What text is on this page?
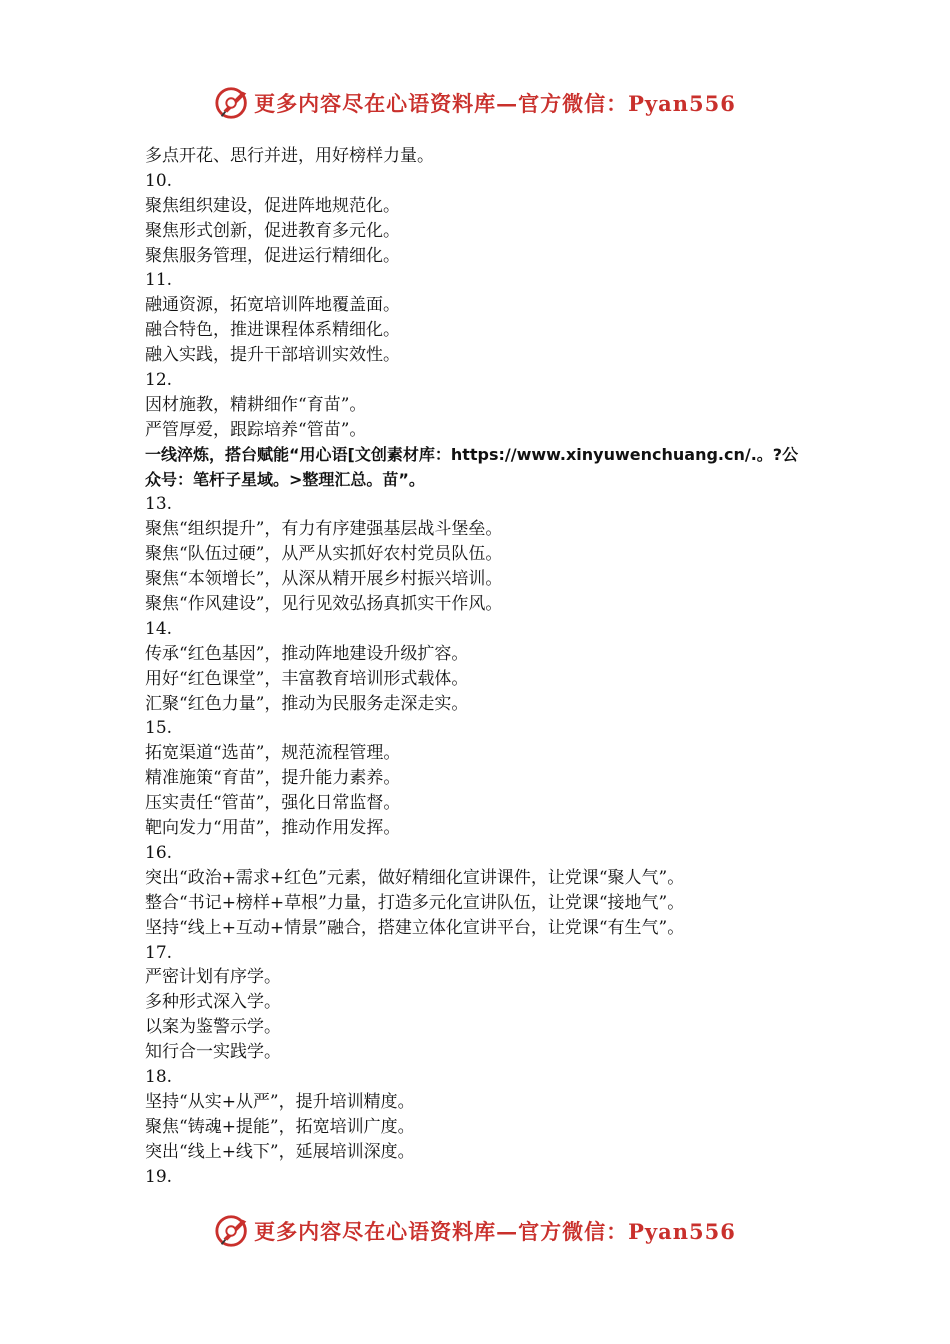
更多内容尽在心语资料库—官方微信：Pyan556
多点开花、思行并进，用好榜样力量。
10.
聚焦组织建设，促进阵地规范化。
聚焦形式创新，促进教育多元化。
聚焦服务管理，促进运行精细化。
11.
融通资源，拓宽培训阵地覆盖面。
融合特色，推进课程体系精细化。
融入实践，提升干部培训实效性。
12.
因材施教，精耕细作“育苗”。
严管厚爱，跟踪培养“管苗”。
一线淬炼，搭台赋能“用心语[文创素材库：https://www.xinyuwenchuang.cn/.。?公
众号：笔杆子星域。>整理汇总。苗”。
13.
聚焦“组织提升”，有力有序建强基层战斗堡垒。
聚焦“队伍过硬”，从严从实抓好农村党员队伍。
聚焦“本领增长”，从深从精开展乡村振兴培训。
聚焦“作风建设”，见行见效弘扬真抓实干作风。
14.
传承“红色基因”，推动阵地建设升级扩容。
用好“红色课堂”，丰富教育培训形式载体。
汇聚“红色力量”，推动为民服务走深走实。
15.
拓宽渠道“选苗”，规范流程管理。
精准施策“育苗”，提升能力素养。
压实责任“管苗”，强化日常监督。
靶向发力“用苗”，推动作用发挥。
16.
突出“政治+需求+红色”元素，做好精细化宣讲课件，让党课“聚人气”。
整合“书记+榜样+草根”力量，打造多元化宣讲队伍，让党课“接地气”。
坚持“线上+互动+情景”融合，搭建立体化宣讲平台，让党课“有生气”。
17.
严密计划有序学。
多种形式深入学。
以案为鉴警示学。
知行合一实践学。
18.
坚持“从实+从严”，提升培训精度。
聚焦“铸魂+提能”，拓宽培训广度。
突出“线上+线下”，延展培训深度。
19.
更多内容尽在心语资料库—官方微信：Pyan556
